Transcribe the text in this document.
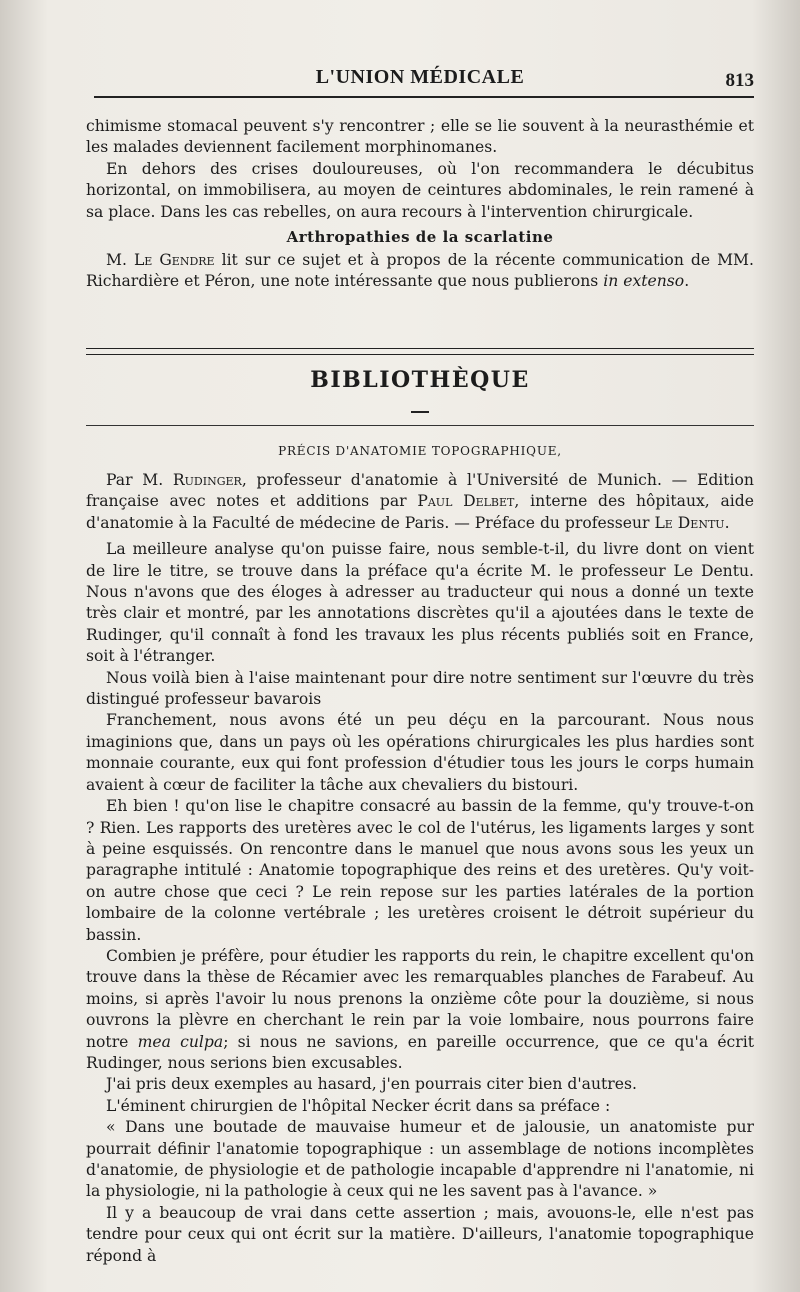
L'UNION MÉDICALE	813

chimisme stomacal peuvent s'y rencontrer ; elle se lie souvent à la neurasthémie et les malades deviennent facilement morphinomanes.

En dehors des crises douloureuses, où l'on recommandera le décubitus horizontal, on immobilisera, au moyen de ceintures abdominales, le rein ramené à sa place. Dans les cas rebelles, on aura recours à l'intervention chirurgicale.

Arthropathies de la scarlatine

M. Le Gendre lit sur ce sujet et à propos de la récente communication de MM. Richardière et Péron, une note intéressante que nous publierons in extenso.

BIBLIOTHÈQUE
PRÉCIS D'ANATOMIE TOPOGRAPHIQUE,

Par M. Rudinger, professeur d'anatomie à l'Université de Munich. — Edition française avec notes et additions par Paul Delbet, interne des hôpitaux, aide d'anatomie à la Faculté de médecine de Paris. — Préface du professeur Le Dentu.

La meilleure analyse qu'on puisse faire, nous semble-t-il, du livre dont on vient de lire le titre, se trouve dans la préface qu'a écrite M. le professeur Le Dentu. Nous n'avons que des éloges à adresser au traducteur qui nous a donné un texte très clair et montré, par les annotations discrètes qu'il a ajoutées dans le texte de Rudinger, qu'il connaît à fond les travaux les plus récents publiés soit en France, soit à l'étranger.

Nous voilà bien à l'aise maintenant pour dire notre sentiment sur l'œuvre du très distingué professeur bavarois

Franchement, nous avons été un peu déçu en la parcourant. Nous nous imaginions que, dans un pays où les opérations chirurgicales les plus hardies sont monnaie courante, eux qui font profession d'étudier tous les jours le corps humain avaient à cœur de faciliter la tâche aux chevaliers du bistouri.

Eh bien ! qu'on lise le chapitre consacré au bassin de la femme, qu'y trouve-t-on ? Rien. Les rapports des uretères avec le col de l'utérus, les ligaments larges y sont à peine esquissés. On rencontre dans le manuel que nous avons sous les yeux un paragraphe intitulé : Anatomie topographique des reins et des uretères. Qu'y voit-on autre chose que ceci ? Le rein repose sur les parties latérales de la portion lombaire de la colonne vertébrale ; les uretères croisent le détroit supérieur du bassin.

Combien je préfère, pour étudier les rapports du rein, le chapitre excellent qu'on trouve dans la thèse de Récamier avec les remarquables planches de Farabeuf. Au moins, si après l'avoir lu nous prenons la onzième côte pour la douzième, si nous ouvrons la plèvre en cherchant le rein par la voie lombaire, nous pourrons faire notre mea culpa; si nous ne savions, en pareille occurrence, que ce qu'a écrit Rudinger, nous serions bien excusables.

J'ai pris deux exemples au hasard, j'en pourrais citer bien d'autres.

L'éminent chirurgien de l'hôpital Necker écrit dans sa préface :

« Dans une boutade de mauvaise humeur et de jalousie, un anatomiste pur pourrait définir l'anatomie topographique : un assemblage de notions incomplètes d'anatomie, de physiologie et de pathologie incapable d'apprendre ni l'anatomie, ni la physiologie, ni la pathologie à ceux qui ne les savent pas à l'avance. »

Il y a beaucoup de vrai dans cette assertion ; mais, avouons-le, elle n'est pas tendre pour ceux qui ont écrit sur la matière. D'ailleurs, l'anatomie topographique répond à
